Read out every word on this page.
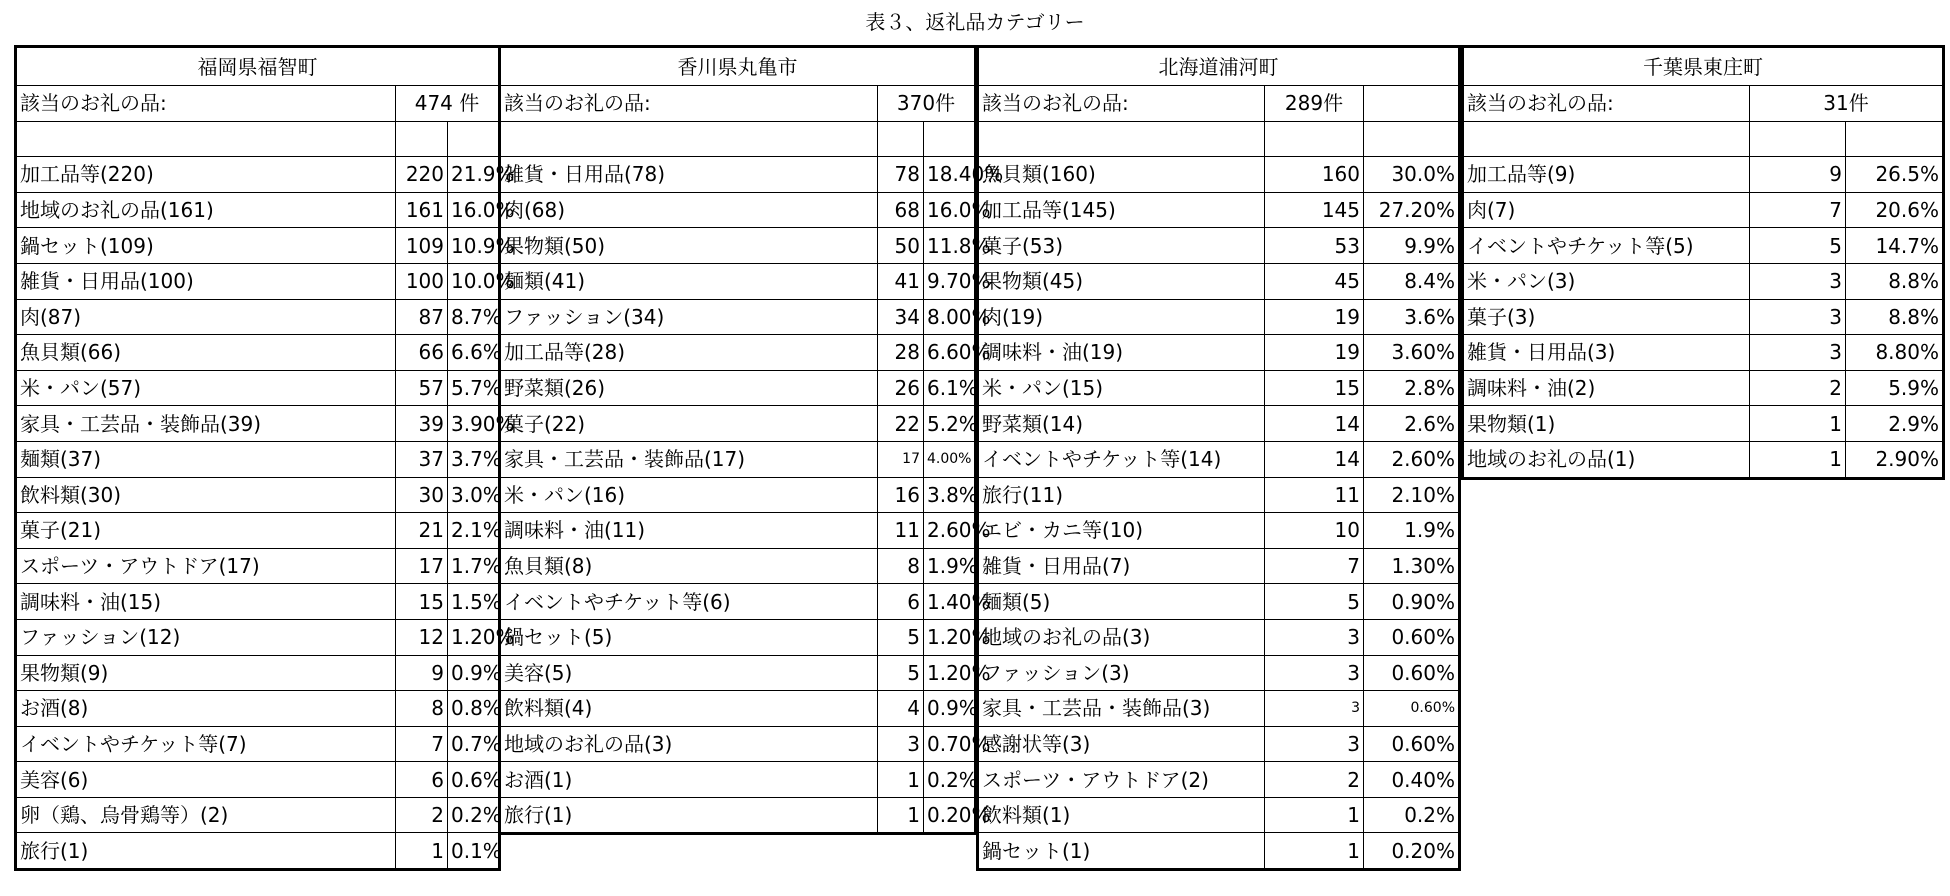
表３、返礼品カテゴリー
福岡県福智町		
該当のお礼の品:	474 件	

加工品等(220)	220	21.9%
地域のお礼の品(161)	161	16.0%
鍋セット(109)	109	10.9%
雑貨・日用品(100)	100	10.0%
肉(87)	87	8.7%
魚貝類(66)	66	6.6%
米・パン(57)	57	5.7%
家具・工芸品・装飾品(39)	39	3.90%
麺類(37)	37	3.7%
飲料類(30)	30	3.0%
菓子(21)	21	2.1%
スポーツ・アウトドア(17)	17	1.7%
調味料・油(15)	15	1.5%
ファッション(12)	12	1.20%
果物類(9)	9	0.9%
お酒(8)	8	0.8%
イベントやチケット等(7)	7	0.7%
美容(6)	6	0.6%
卵（鶏、烏骨鶏等）(2)	2	0.2%
旅行(1)	1	0.1%
香川県丸亀市		
該当のお礼の品:	370件	

雑貨・日用品(78)	78	18.40%
肉(68)	68	16.0%
果物類(50)	50	11.8%
麺類(41)	41	9.70%
ファッション(34)	34	8.00%
加工品等(28)	28	6.60%
野菜類(26)	26	6.1%
菓子(22)	22	5.2%
家具・工芸品・装飾品(17)	17	4.00%
米・パン(16)	16	3.8%
調味料・油(11)	11	2.60%
魚貝類(8)	8	1.9%
イベントやチケット等(6)	6	1.40%
鍋セット(5)	5	1.20%
美容(5)	5	1.20%
飲料類(4)	4	0.9%
地域のお礼の品(3)	3	0.70%
お酒(1)	1	0.2%
旅行(1)	1	0.20%
北海道浦河町		
該当のお礼の品:	289件	

魚貝類(160)	160	30.0%
加工品等(145)	145	27.20%
菓子(53)	53	9.9%
果物類(45)	45	8.4%
肉(19)	19	3.6%
調味料・油(19)	19	3.60%
米・パン(15)	15	2.8%
野菜類(14)	14	2.6%
イベントやチケット等(14)	14	2.60%
旅行(11)	11	2.10%
エビ・カニ等(10)	10	1.9%
雑貨・日用品(7)	7	1.30%
麺類(5)	5	0.90%
地域のお礼の品(3)	3	0.60%
ファッション(3)	3	0.60%
家具・工芸品・装飾品(3)	3	0.60%
感謝状等(3)	3	0.60%
スポーツ・アウトドア(2)	2	0.40%
飲料類(1)	1	0.2%
鍋セット(1)	1	0.20%
千葉県東庄町		
該当のお礼の品:	31件	

加工品等(9)	9	26.5%
肉(7)	7	20.6%
イベントやチケット等(5)	5	14.7%
米・パン(3)	3	8.8%
菓子(3)	3	8.8%
雑貨・日用品(3)	3	8.80%
調味料・油(2)	2	5.9%
果物類(1)	1	2.9%
地域のお礼の品(1)	1	2.90%
